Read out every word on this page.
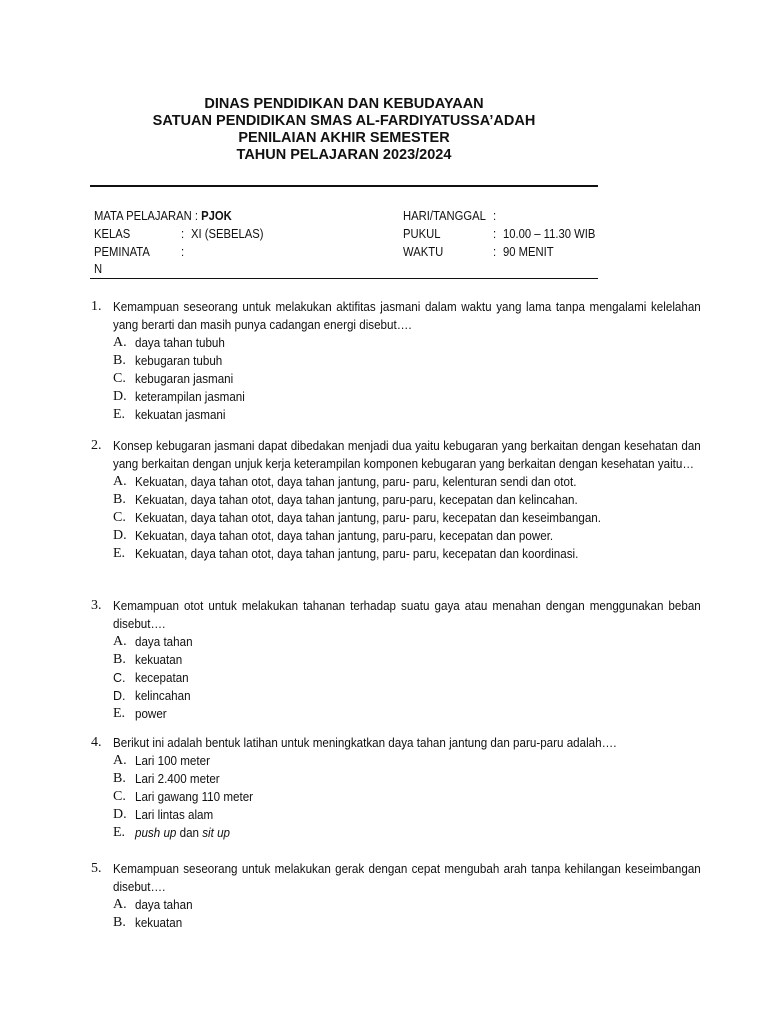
DINAS PENDIDIKAN DAN KEBUDAYAAN
SATUAN PENDIDIKAN SMAS AL-FARDIYATUSSA’ADAH
PENILAIAN AKHIR SEMESTER
TAHUN PELAJARAN 2023/2024
MATA PELAJARAN : PJOK
KELAS	: XI (SEBELAS)
PEMINATA :
N
HARI/TANGGAL :
PUKUL	: 10.00 – 11.30 WIB
WAKTU	: 90 MENIT
1. Kemampuan seseorang untuk melakukan aktifitas jasmani dalam waktu yang lama tanpa mengalami kelelahan yang berarti dan masih punya cadangan energi disebut….
A. daya tahan tubuh
B. kebugaran tubuh
C. kebugaran jasmani
D. keterampilan jasmani
E. kekuatan jasmani
2. Konsep kebugaran jasmani dapat dibedakan menjadi dua yaitu kebugaran yang berkaitan dengan kesehatan dan yang berkaitan dengan unjuk kerja keterampilan komponen kebugaran yang berkaitan dengan kesehatan yaitu…
A. Kekuatan, daya tahan otot, daya tahan jantung, paru- paru, kelenturan sendi dan otot.
B. Kekuatan, daya tahan otot, daya tahan jantung, paru-paru, kecepatan dan kelincahan.
C. Kekuatan, daya tahan otot, daya tahan jantung, paru- paru, kecepatan dan keseimbangan.
D. Kekuatan, daya tahan otot, daya tahan jantung, paru-paru, kecepatan dan power.
E. Kekuatan, daya tahan otot, daya tahan jantung, paru- paru, kecepatan dan koordinasi.
3. Kemampuan otot untuk melakukan tahanan terhadap suatu gaya atau menahan dengan menggunakan beban disebut….
A. daya tahan
B. kekuatan
C. kecepatan
D. kelincahan
E. power
4. Berikut ini adalah bentuk latihan untuk meningkatkan daya tahan jantung dan paru-paru adalah….
A. Lari 100 meter
B. Lari 2.400 meter
C. Lari gawang 110 meter
D. Lari lintas alam
E. push up dan sit up
5. Kemampuan seseorang untuk melakukan gerak dengan cepat mengubah arah tanpa kehilangan keseimbangan disebut….
A. daya tahan
B. kekuatan
